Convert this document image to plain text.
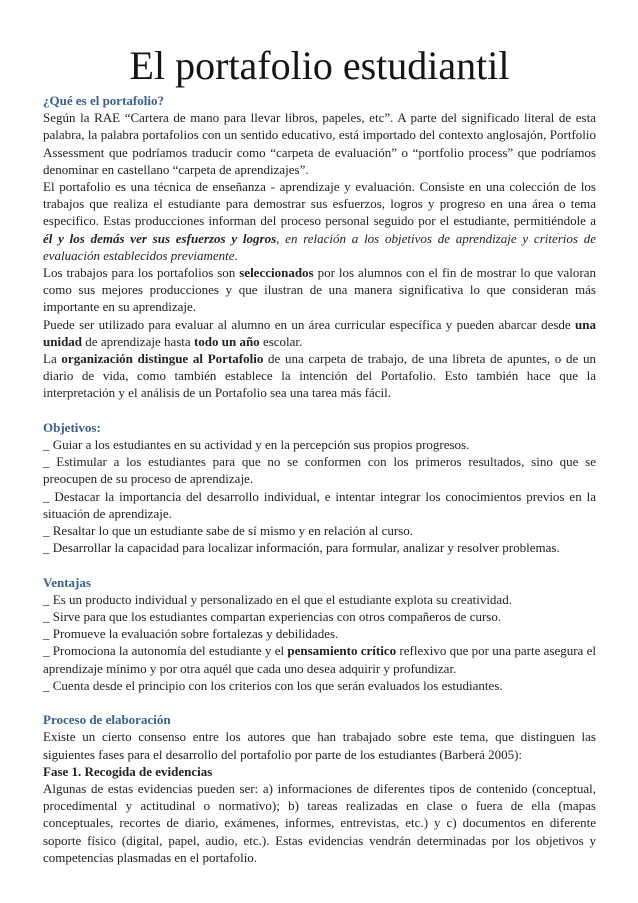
El portafolio estudiantil
¿Qué es el portafolio?

Según la RAE “Cartera de mano para llevar libros, papeles, etc”. A parte del significado literal de esta palabra, la palabra portafolios con un sentido educativo, está importado del contexto anglosajón, Portfolio Assessment que podríamos traducir como “carpeta de evaluación” o “portfolio process” que podríamos denominar en castellano “carpeta de aprendizajes”.

El portafolio es una técnica de enseñanza - aprendizaje y evaluación. Consiste en una colección de los trabajos que realiza el estudiante para demostrar sus esfuerzos, logros y progreso en una área o tema especifico. Estas producciones informan del proceso personal seguido por el estudiante, permitiéndole a él y los demás ver sus esfuerzos y logros, en relación a los objetivos de aprendizaje y criterios de evaluación establecidos previamente.

Los trabajos para los portafolios son seleccionados por los alumnos con el fin de mostrar lo que valoran como sus mejores producciones y que ilustran de una manera significativa lo que consideran más importante en su aprendizaje.

Puede ser utilizado para evaluar al alumno en un área curricular específica y pueden abarcar desde una unidad de aprendizaje hasta todo un año escolar.

La organización distingue al Portafolio de una carpeta de trabajo, de una libreta de apuntes, o de un diario de vida, como también establece la intención del Portafolio. Esto también hace que la interpretación y el análisis de un Portafolio sea una tarea más fácil.

Objetivos:

_ Guiar a los estudiantes en su actividad y en la percepción sus propios progresos.

_ Estimular a los estudiantes para que no se conformen con los primeros resultados, sino que se preocupen de su proceso de aprendizaje.

_ Destacar la importancia del desarrollo individual, e intentar integrar los conocimientos previos en la situación de aprendizaje.

_ Resaltar lo que un estudiante sabe de sí mismo y en relación al curso.

_ Desarrollar la capacidad para localizar información, para formular, analizar y resolver problemas.

Ventajas

_ Es un producto individual y personalizado en el que el estudiante explota su creatividad.

_ Sirve para que los estudiantes compartan experiencias con otros compañeros de curso.

_ Promueve la evaluación sobre fortalezas y debilidades.

_ Promociona la autonomía del estudiante y el pensamiento crítico reflexivo que por una parte asegura el aprendizaje mínimo y por otra aquél que cada uno desea adquirir y profundizar.

_ Cuenta desde el principio con los criterios con los que serán evaluados los estudiantes.

Proceso de elaboración

Existe un cierto consenso entre los autores que han trabajado sobre este tema, que distinguen las siguientes fases para el desarrollo del portafolio por parte de los estudiantes (Barberá 2005):

Fase 1. Recogida de evidencias

Algunas de estas evidencias pueden ser: a) informaciones de diferentes tipos de contenido (conceptual, procedimental y actitudinal o normativo); b) tareas realizadas en clase o fuera de ella (mapas conceptuales, recortes de diario, exámenes, informes, entrevistas, etc.) y c) documentos en diferente soporte físico (digital, papel, audio, etc.). Estas evidencias vendrán determinadas por los objetivos y competencias plasmadas en el portafolio.
